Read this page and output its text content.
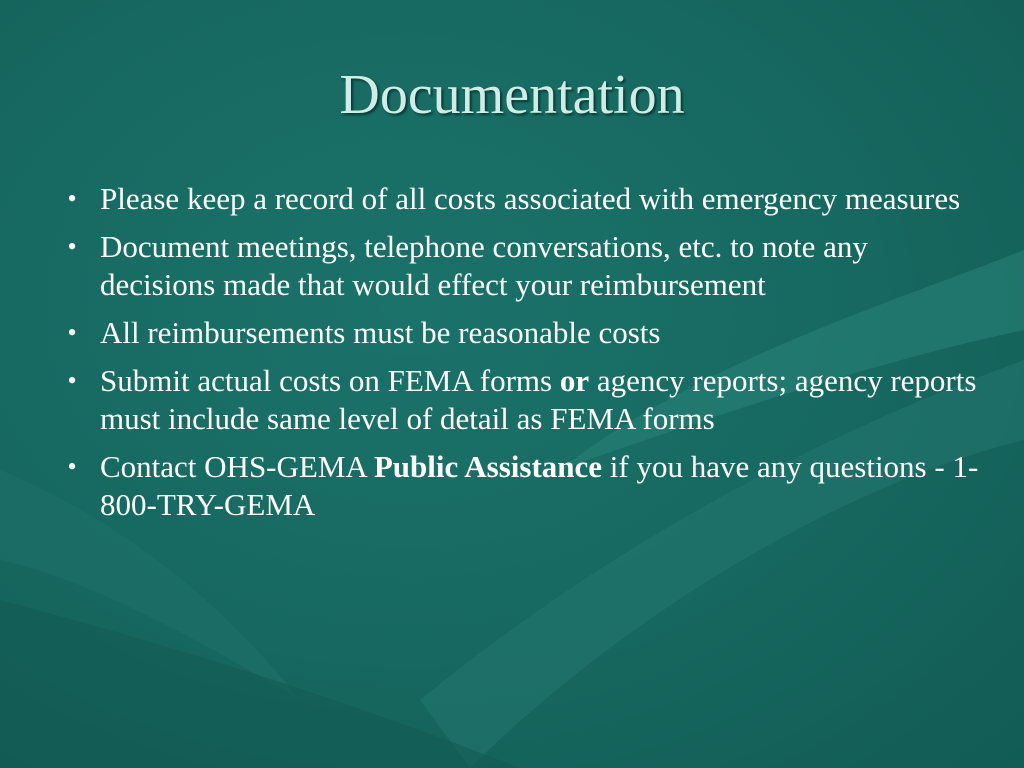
Documentation
• Please keep a record of all costs associated with emergency measures
• Document meetings, telephone conversations, etc. to note any decisions made that would effect your reimbursement
• All reimbursements must be reasonable costs
• Submit actual costs on FEMA forms or agency reports; agency reports must include same level of detail as FEMA forms
• Contact OHS-GEMA Public Assistance if you have any questions - 1-800-TRY-GEMA
